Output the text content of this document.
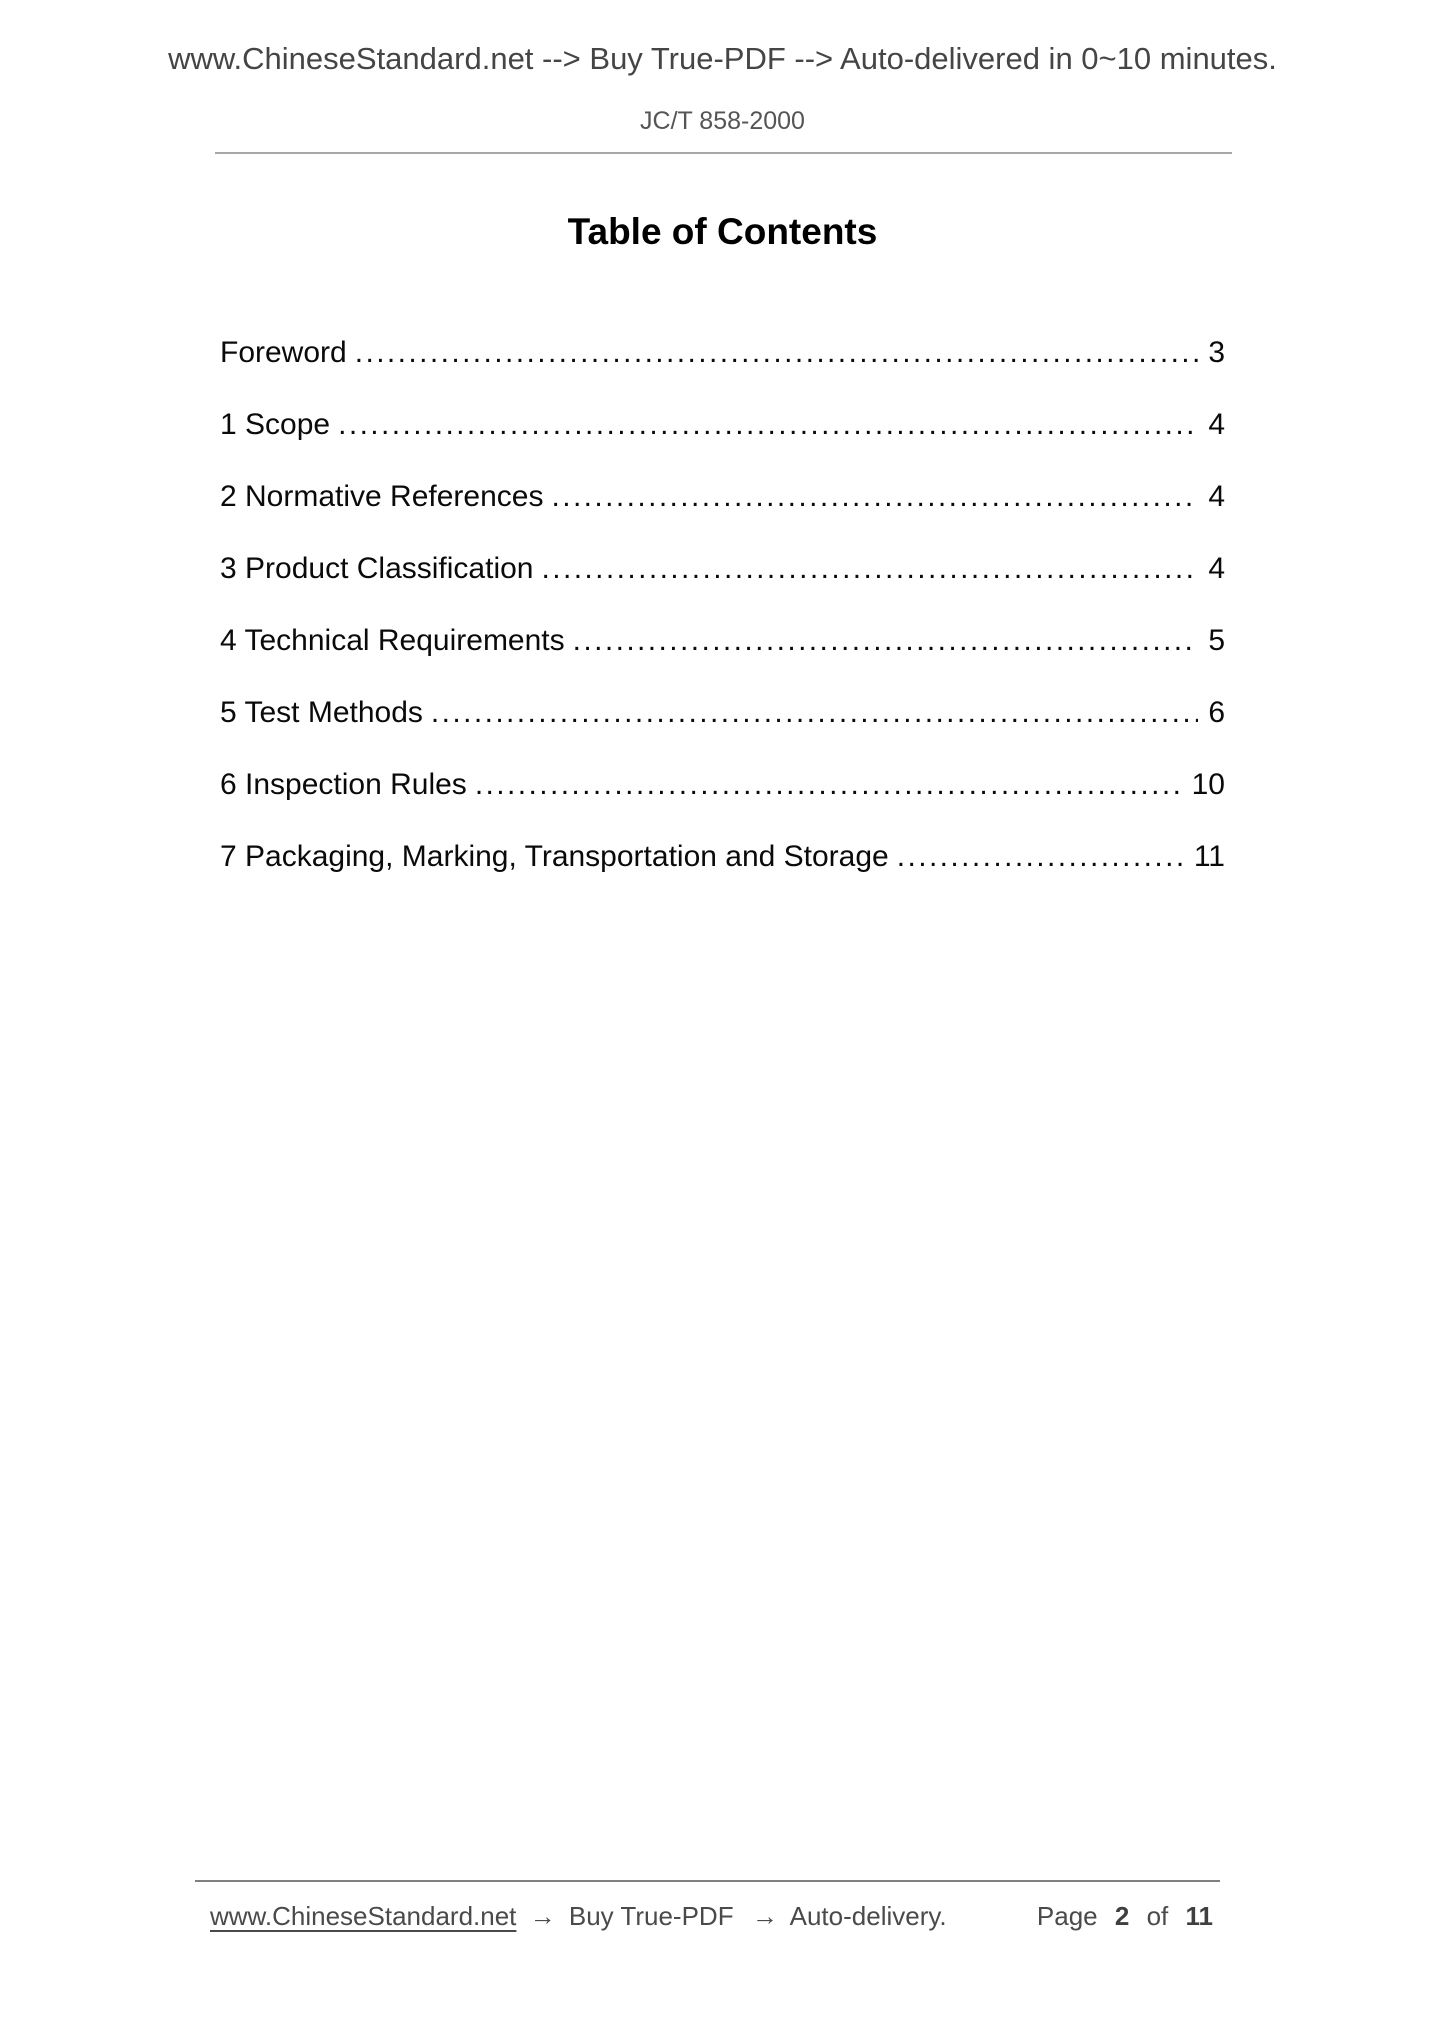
www.ChineseStandard.net --> Buy True-PDF --> Auto-delivered in 0~10 minutes.
JC/T 858-2000
Table of Contents
Foreword .....	3
1 Scope .....	4
2 Normative References .....	4
3 Product Classification .....	4
4 Technical Requirements .....	5
5 Test Methods .....	6
6 Inspection Rules .....	10
7 Packaging, Marking, Transportation and Storage .....	11
www.ChineseStandard.net → Buy True-PDF → Auto-delivery.	Page 2 of 11
